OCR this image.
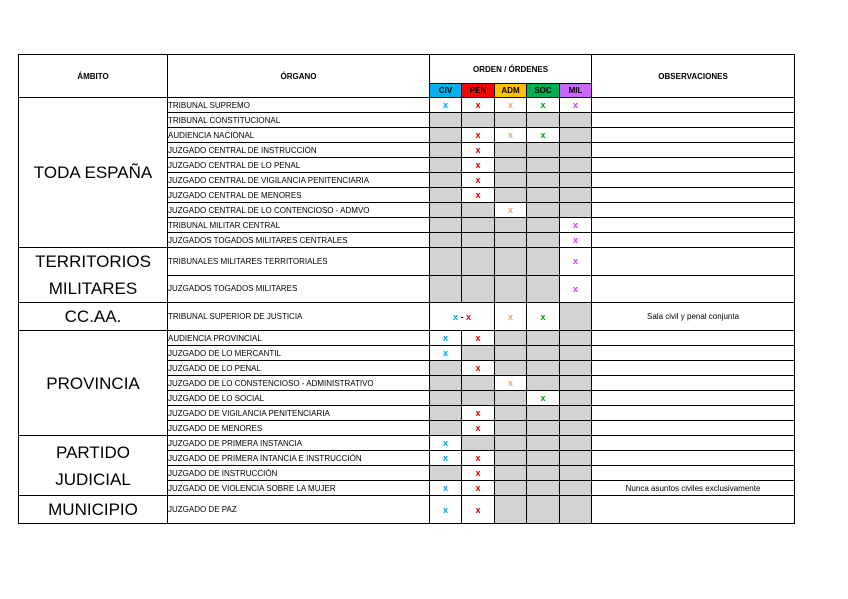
ÁMBITO	ÓRGANO	ORDEN / ÓRDENES					OBSERVACIONES
		CIV	PEN	ADM	SOC	MIL	

TODA ESPAÑA	TRIBUNAL SUPREMO	x	x	x	x	x	
	TRIBUNAL CONSTITUCIONAL						
	AUDIENCIA NACIONAL		x	x	x		
	JUZGADO CENTRAL DE INSTRUCCIÓN		x				
	JUZGADO CENTRAL DE LO PENAL		x				
	JUZGADO CENTRAL DE VIGILANCIA PENITENCIARIA		x				
	JUZGADO CENTRAL DE MENORES		x				
	JUZGADO CENTRAL DE LO CONTENCIOSO - ADMVO			x			
	TRIBUNAL MILITAR CENTRAL					x	
	JUZGADOS TOGADOS MILITARES CENTRALES					x	

TERRITORIOS
MILITARES	TRIBUNALES MILITARES TERRITORIALES					x	
	JUZGADOS TOGADOS MILITARES					x	

CC.AA.	TRIBUNAL SUPERIOR DE JUSTICIA	x - x		x	x		Sala civil y penal conjunta

PROVINCIA	AUDIENCIA PROVINCIAL	x	x				
	JUZGADO DE LO MERCANTIL	x					
	JUZGADO DE LO PENAL		x				
	JUZGADO DE LO CONSTENCIOSO - ADMINISTRATIVO			x			
	JUZGADO DE LO SOCIAL				x		
	JUZGADO DE VIGILANCIA PENITENCIARIA		x				
	JUZGADO DE MENORES		x				

PARTIDO
JUDICIAL	JUZGADO DE PRIMERA INSTANCIA	x					
	JUZGADO DE PRIMERA INTANCIA E INSTRUCCIÓN	x	x				
	JUZGADO DE INSTRUCCIÓN		x				
	JUZGADO DE VIOLENCIA SOBRE LA MUJER	x	x				Nunca asuntos civiles exclusivamente

MUNICIPIO	JUZGADO DE PAZ	x	x				
